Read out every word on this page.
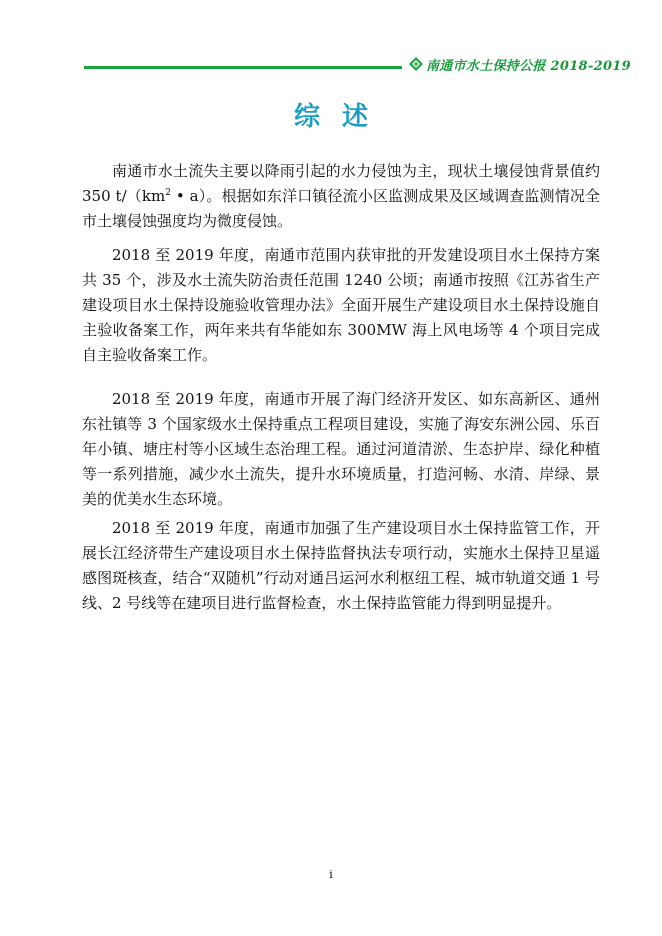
南通市水土保持公报 2018-2019
综述

南通市水土流失主要以降雨引起的水力侵蚀为主，现状土壤侵蚀背景值约 350 $t/(km^2$ • a）。根据如东洋口镇径流小区监测成果及区域调查监测情况全市土壤侵蚀强度均为微度侵蚀。

2018 至 2019 年度，南通市范围内获审批的开发建设项目水土保持方案共 35 个，涉及水土流失防治责任范围 1240 公顷；南通市按照《江苏省生产建设项目水土保持设施验收管理办法》全面开展生产建设项目水土保持设施自主验收备案工作，两年来共有华能如东 300MW 海上风电场等 4 个项目完成自主验收备案工作。

2018 至 2019 年度，南通市开展了海门经济开发区、如东高新区、通州东社镇等 3 个国家级水土保持重点工程项目建设，实施了海安东洲公园、乐百年小镇、塘庄村等小区域生态治理工程。通过河道清淤、生态护岸、绿化种植等一系列措施，减少水土流失，提升水环境质量，打造河畅、水清、岸绿、景美的优美水生态环境。

2018 至 2019 年度，南通市加强了生产建设项目水土保持监管工作，开展长江经济带生产建设项目水土保持监督执法专项行动，实施水土保持卫星遥感图斑核查，结合“双随机”行动对通吕运河水利枢纽工程、城市轨道交通 1 号线、2 号线等在建项目进行监督检查，水土保持监管能力得到明显提升。

i
